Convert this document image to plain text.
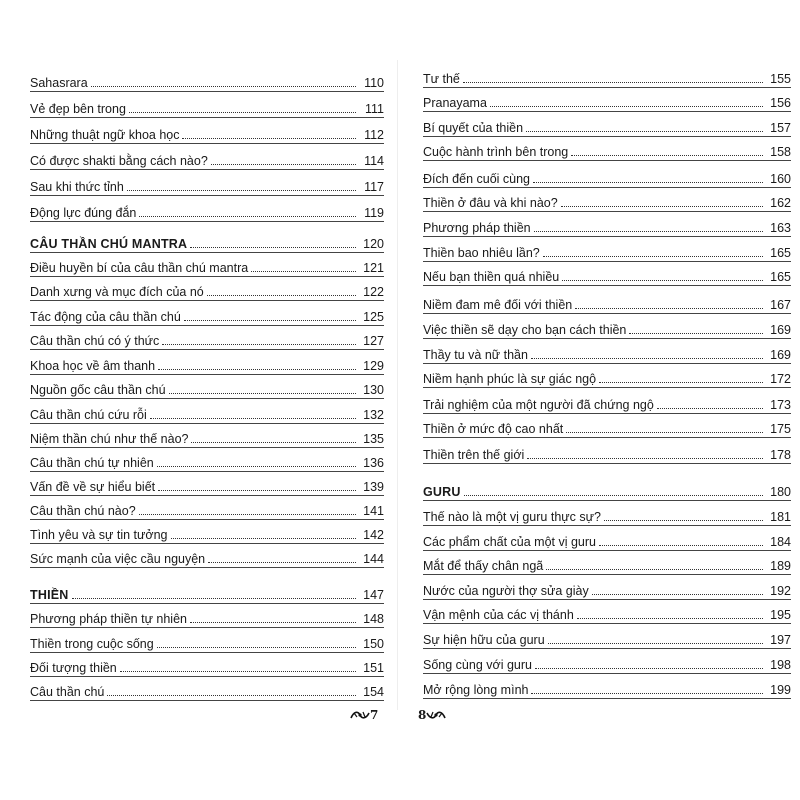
Sahasrara	110
Vẻ đẹp bên trong	111
Những thuật ngữ khoa học	112
Có được shakti bằng cách nào?	114
Sau khi thức tỉnh	117
Động lực đúng đắn	119
CÂU THẦN CHÚ MANTRA	120
Điều huyền bí của câu thần chú mantra	121
Danh xưng và mục đích của nó	122
Tác động của câu thần chú	125
Câu thần chú có ý thức	127
Khoa học về âm thanh	129
Nguồn gốc câu thần chú	130
Câu thần chú cứu rỗi	132
Niệm thần chú như thế nào?	135
Câu thần chú tự nhiên	136
Vấn đề về sự hiểu biết	139
Câu thần chú nào?	141
Tình yêu và sự tin tưởng	142
Sức mạnh của việc cầu nguyện	144
THIỀN	147
Phương pháp thiền tự nhiên	148
Thiền trong cuộc sống	150
Đối tượng thiền	151
Câu thần chú	154
Tư thế	155
Pranayama	156
Bí quyết của thiền	157
Cuộc hành trình bên trong	158
Đích đến cuối cùng	160
Thiền ở đâu và khi nào?	162
Phương pháp thiền	163
Thiền bao nhiêu lần?	165
Nếu bạn thiền quá nhiều	165
Niềm đam mê đối với thiền	167
Việc thiền sẽ dạy cho bạn cách thiền	169
Thầy tu và nữ thần	169
Niềm hạnh phúc là sự giác ngộ	172
Trải nghiệm của một người đã chứng ngộ	173
Thiền ở mức độ cao nhất	175
Thiền trên thế giới	178
GURU	180
Thế nào là một vị guru thực sự?	181
Các phẩm chất của một vị guru	184
Mắt để thấy chân ngã	189
Nước của người thợ sửa giày	192
Vận mệnh của các vị thánh	195
Sự hiện hữu của guru	197
Sống cùng với guru	198
Mở rộng lòng mình	199
7	8
